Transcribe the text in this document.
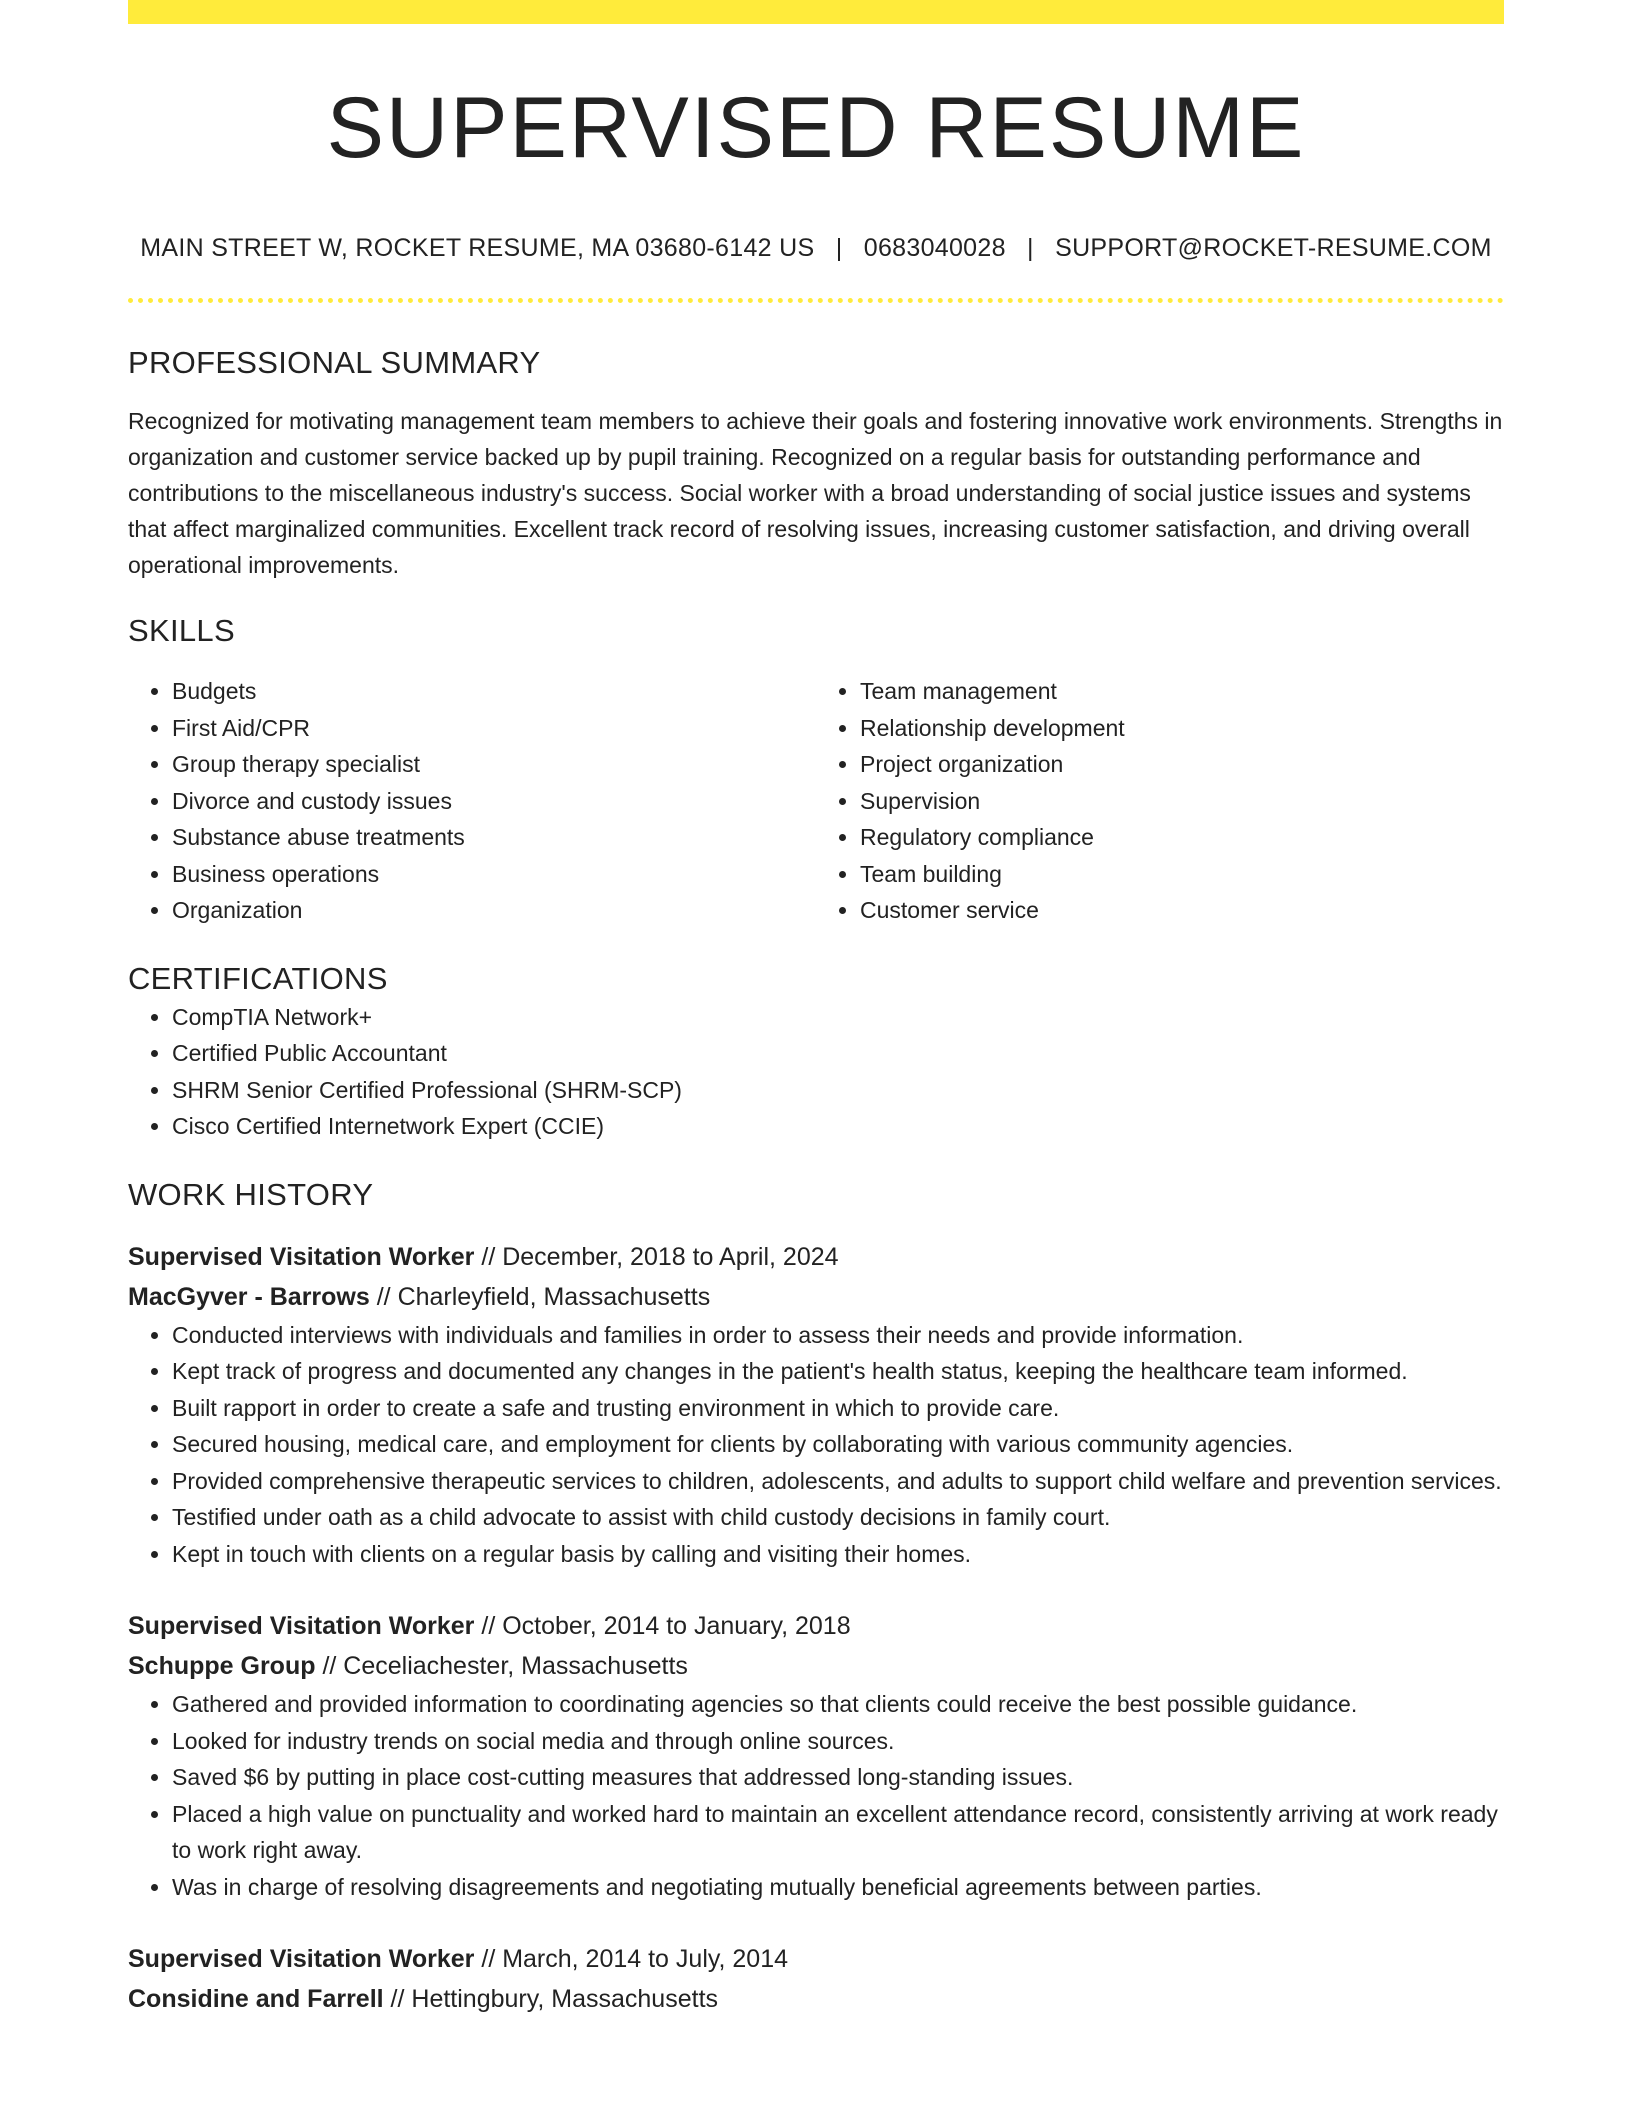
SUPERVISED RESUME
MAIN STREET W, ROCKET RESUME, MA 03680-6142 US | 0683040028 | SUPPORT@ROCKET-RESUME.COM
PROFESSIONAL SUMMARY
Recognized for motivating management team members to achieve their goals and fostering innovative work environments. Strengths in organization and customer service backed up by pupil training. Recognized on a regular basis for outstanding performance and contributions to the miscellaneous industry's success. Social worker with a broad understanding of social justice issues and systems that affect marginalized communities. Excellent track record of resolving issues, increasing customer satisfaction, and driving overall operational improvements.
SKILLS
• Budgets
• First Aid/CPR
• Group therapy specialist
• Divorce and custody issues
• Substance abuse treatments
• Business operations
• Organization
• Team management
• Relationship development
• Project organization
• Supervision
• Regulatory compliance
• Team building
• Customer service
CERTIFICATIONS
• CompTIA Network+
• Certified Public Accountant
• SHRM Senior Certified Professional (SHRM-SCP)
• Cisco Certified Internetwork Expert (CCIE)
WORK HISTORY
Supervised Visitation Worker // December, 2018 to April, 2024
MacGyver - Barrows // Charleyfield, Massachusetts
• Conducted interviews with individuals and families in order to assess their needs and provide information.
• Kept track of progress and documented any changes in the patient's health status, keeping the healthcare team informed.
• Built rapport in order to create a safe and trusting environment in which to provide care.
• Secured housing, medical care, and employment for clients by collaborating with various community agencies.
• Provided comprehensive therapeutic services to children, adolescents, and adults to support child welfare and prevention services.
• Testified under oath as a child advocate to assist with child custody decisions in family court.
• Kept in touch with clients on a regular basis by calling and visiting their homes.
Supervised Visitation Worker // October, 2014 to January, 2018
Schuppe Group // Ceceliachester, Massachusetts
• Gathered and provided information to coordinating agencies so that clients could receive the best possible guidance.
• Looked for industry trends on social media and through online sources.
• Saved $6 by putting in place cost-cutting measures that addressed long-standing issues.
• Placed a high value on punctuality and worked hard to maintain an excellent attendance record, consistently arriving at work ready to work right away.
• Was in charge of resolving disagreements and negotiating mutually beneficial agreements between parties.
Supervised Visitation Worker // March, 2014 to July, 2014
Considine and Farrell // Hettingbury, Massachusetts
